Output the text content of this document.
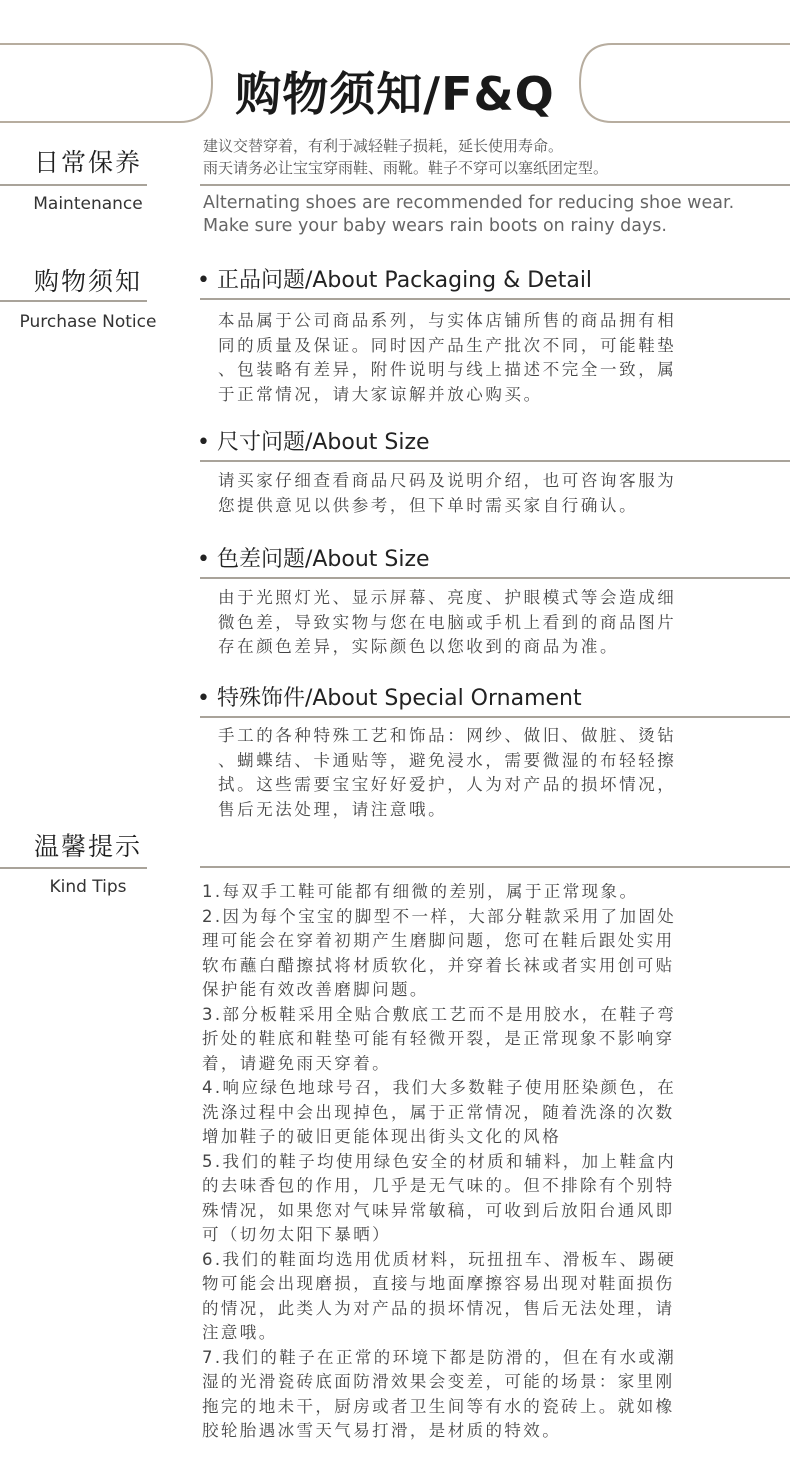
购物须知/F&Q
日常保养
Maintenance
建议交替穿着，有利于减轻鞋子损耗，延长使用寿命。
雨天请务必让宝宝穿雨鞋、雨靴。鞋子不穿可以塞纸团定型。
Alternating shoes are recommended for reducing shoe wear.
Make sure your baby wears rain boots on rainy days.
购物须知
Purchase Notice
• 正品问题/About Packaging & Detail
本品属于公司商品系列，与实体店铺所售的商品拥有相
同的质量及保证。同时因产品生产批次不同，可能鞋垫
、包装略有差异，附件说明与线上描述不完全一致，属
于正常情况，请大家谅解并放心购买。
• 尺寸问题/About Size
请买家仔细查看商品尺码及说明介绍，也可咨询客服为
您提供意见以供参考，但下单时需买家自行确认。
• 色差问题/About Size
由于光照灯光、显示屏幕、亮度、护眼模式等会造成细
微色差，导致实物与您在电脑或手机上看到的商品图片
存在颜色差异，实际颜色以您收到的商品为准。
• 特殊饰件/About Special Ornament
手工的各种特殊工艺和饰品：网纱、做旧、做脏、烫钻
、蝴蝶结、卡通贴等，避免浸水，需要微湿的布轻轻擦
拭。这些需要宝宝好好爱护，人为对产品的损坏情况，
售后无法处理，请注意哦。
温馨提示
Kind Tips	1.每双手工鞋可能都有细微的差别，属于正常现象。

2.因为每个宝宝的脚型不一样，大部分鞋款采用了加固处

理可能会在穿着初期产生磨脚问题，您可在鞋后跟处实用

软布蘸白醋擦拭将材质软化，并穿着长袜或者实用创可贴

保护能有效改善磨脚问题。

3.部分板鞋采用全贴合敷底工艺而不是用胶水，在鞋子弯

折处的鞋底和鞋垫可能有轻微开裂，是正常现象不影响穿

着，请避免雨天穿着。

4.响应绿色地球号召，我们大多数鞋子使用胚染颜色，在

洗涤过程中会出现掉色，属于正常情况，随着洗涤的次数

增加鞋子的破旧更能体现出街头文化的风格

5.我们的鞋子均使用绿色安全的材质和辅料，加上鞋盒内

的去味香包的作用，几乎是无气味的。但不排除有个别特

殊情况，如果您对气味异常敏稿，可收到后放阳台通风即

可（切勿太阳下暴晒）

6.我们的鞋面均选用优质材料，玩扭扭车、滑板车、踢硬

物可能会出现磨损，直接与地面摩擦容易出现对鞋面损伤

的情况，此类人为对产品的损坏情况，售后无法处理，请

注意哦。

7.我们的鞋子在正常的环境下都是防滑的，但在有水或潮

湿的光滑瓷砖底面防滑效果会变差，可能的场景：家里刚

拖完的地未干，厨房或者卫生间等有水的瓷砖上。就如橡

胶轮胎遇冰雪天气易打滑，是材质的特效。
